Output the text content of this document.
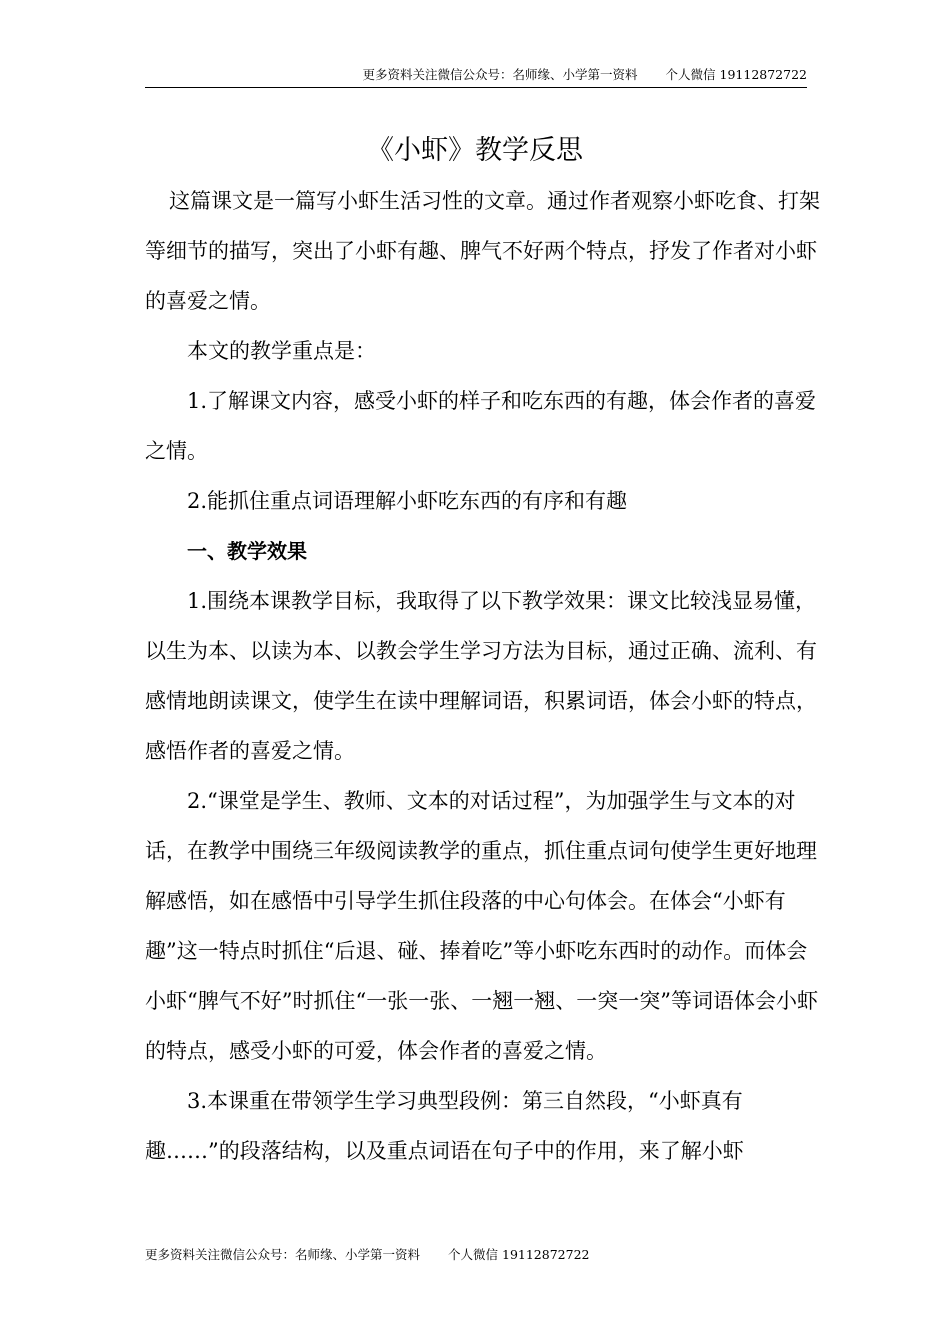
更多资料关注微信公众号：名师缘、小学第一资料 个人微信 19112872722
《小虾》教学反思

这篇课文是一篇写小虾生活习性的文章。通过作者观察小虾吃食、打架等细节的描写，突出了小虾有趣、脾气不好两个特点，抒发了作者对小虾的喜爱之情。

本文的教学重点是：

1.了解课文内容，感受小虾的样子和吃东西的有趣，体会作者的喜爱之情。

2.能抓住重点词语理解小虾吃东西的有序和有趣

一、教学效果

1.围绕本课教学目标，我取得了以下教学效果：课文比较浅显易懂，以生为本、以读为本、以教会学生学习方法为目标，通过正确、流利、有感情地朗读课文，使学生在读中理解词语，积累词语，体会小虾的特点，感悟作者的喜爱之情。

2.“课堂是学生、教师、文本的对话过程”，为加强学生与文本的对话，在教学中围绕三年级阅读教学的重点，抓住重点词句使学生更好地理解感悟，如在感悟中引导学生抓住段落的中心句体会。在体会“小虾有趣”这一特点时抓住“后退、碰、捧着吃”等小虾吃东西时的动作。而体会小虾“脾气不好”时抓住“一张一张、一翘一翘、一突一突”等词语体会小虾的特点，感受小虾的可爱，体会作者的喜爱之情。

3.本课重在带领学生学习典型段例：第三自然段，“小虾真有趣……”的段落结构，以及重点词语在句子中的作用，来了解小虾

更多资料关注微信公众号：名师缘、小学第一资料 个人微信 19112872722
